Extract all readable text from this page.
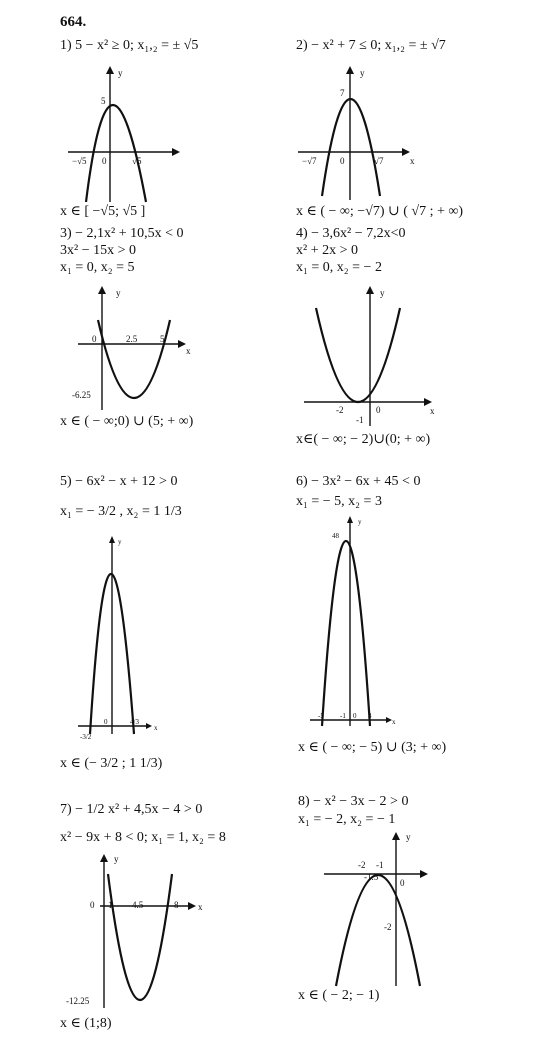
664.
1) 5 − x² ≥ 0; x₁,₂ = ± √5
y
5
0
−√5	√5
x ∈ [ −√5; √5 ]
2) − x² + 7 ≤ 0; x₁,₂ = ± √7
y
x
7
0
−√7	√7
x ∈ ( − ∞; −√7) ∪ ( √7 ; + ∞)
3) − 2,1x² + 10,5x < 0
3x² − 15x > 0
x₁ = 0, x₂ = 5
y
x
0	2.5	5
-6.25
x ∈ ( − ∞;0) ∪ (5; + ∞)
4) − 3,6x² − 7,2x<0
x² + 2x > 0
x₁ = 0, x₂ = − 2
y
x
-2	0
-1
x∈( − ∞; − 2)∪(0; + ∞)
5) − 6x² − x + 12 > 0
x₁ = − 3/2 , x₂ = 1 1/3
y
x
-3/2
0	4/3
x ∈ (− 3/2 ; 1 1/3)
6) − 3x² − 6x + 45 < 0
x₁ = − 5, x₂ = 3
y
x
48
-5 -1 0 3
x ∈ ( − ∞; − 5) ∪ (3; + ∞)
7) − 1/2 x² + 4,5x − 4 > 0
x² − 9x + 8 < 0; x₁ = 1, x₂ = 8
y
x
0 1 4.5	8
-12.25
x ∈ (1;8)
8) − x² − 3x − 2 > 0
x₁ = − 2, x₂ = − 1
y
-2 -1
-1.5
0
-2
x ∈ ( − 2; − 1)
